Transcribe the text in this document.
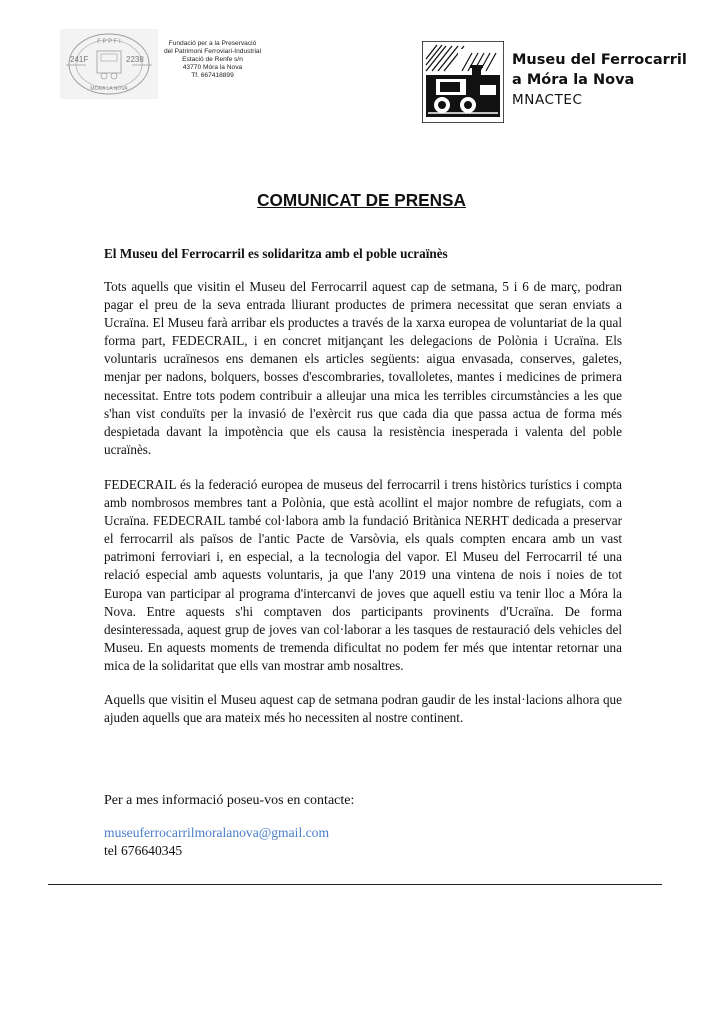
F P P F I
241F	2238
MÓRA LA NOVA
Fundació per a la Preservació
del Patrimoni Ferroviari-Industrial
Estació de Renfe s/n
43770 Móra la Nova
Tf. 667418899
Museu del Ferrocarril
a Móra la Nova
MNACTEC
COMUNICAT DE PRENSA
El Museu del Ferrocarril es solidaritza amb el poble ucraïnès

Tots aquells que visitin el Museu del Ferrocarril aquest cap de setmana, 5 i 6 de març, podran pagar el preu de la seva entrada lliurant productes de primera necessitat que seran enviats a Ucraïna. El Museu farà arribar els productes a través de la xarxa europea de voluntariat de la qual forma part, FEDECRAIL, i en concret mitjançant les delegacions de Polònia i Ucraïna. Els voluntaris ucraïnesos ens demanen els articles següents: aigua envasada, conserves, galetes, menjar per nadons, bolquers, bosses d'escombraries, tovalloletes, mantes i medicines de primera necessitat. Entre tots podem contribuir a alleujar una mica les terribles circumstàncies a les que s'han vist conduïts per la invasió de l'exèrcit rus que cada dia que passa actua de forma més despietada davant la impotència que els causa la resistència inesperada i valenta del poble ucraïnès.

FEDECRAIL és la federació europea de museus del ferrocarril i trens històrics turístics i compta amb nombrosos membres tant a Polònia, que està acollint el major nombre de refugiats, com a Ucraïna. FEDECRAIL també col·labora amb la fundació Britànica NERHT dedicada a preservar el ferrocarril als països de l'antic Pacte de Varsòvia, els quals compten encara amb un vast patrimoni ferroviari i, en especial, a la tecnologia del vapor. El Museu del Ferrocarril té una relació especial amb aquests voluntaris, ja que l'any 2019 una vintena de nois i noies de tot Europa van participar al programa d'intercanvi de joves que aquell estiu va tenir lloc a Móra la Nova. Entre aquests s'hi comptaven dos participants provinents d'Ucraïna. De forma desinteressada, aquest grup de joves van col·laborar a les tasques de restauració dels vehicles del Museu. En aquests moments de tremenda dificultat no podem fer més que intentar retornar una mica de la solidaritat que ells van mostrar amb nosaltres.

Aquells que visitin el Museu aquest cap de setmana podran gaudir de les instal·lacions alhora que ajuden aquells que ara mateix més ho necessiten al nostre continent.

Per a mes informació poseu-vos en contacte:
museuferrocarrilmoralanova@gmail.com
tel 676640345
